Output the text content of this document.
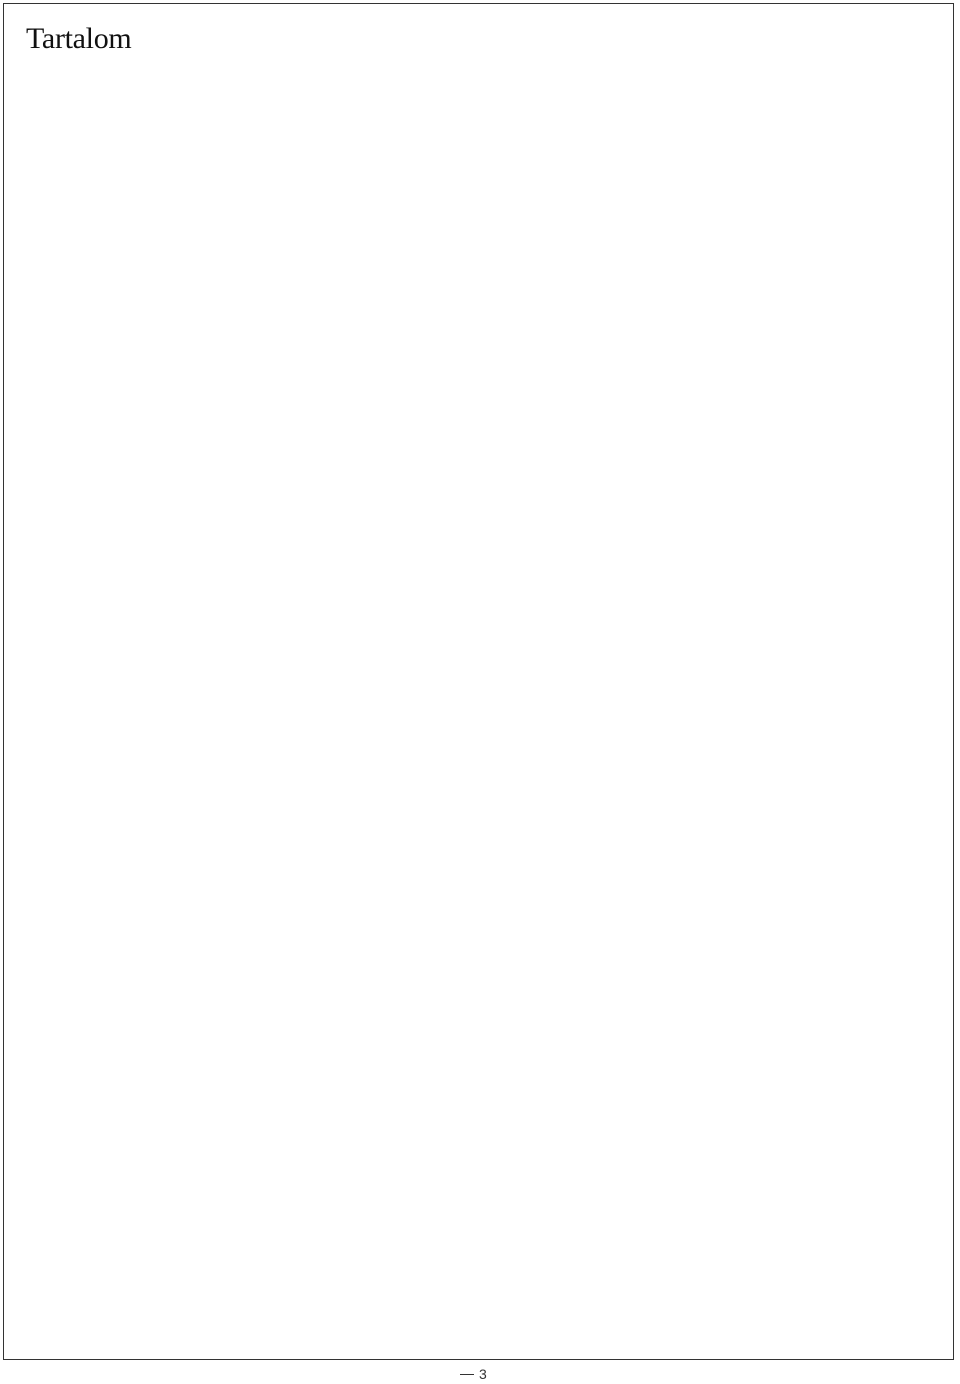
Tartalom
3
